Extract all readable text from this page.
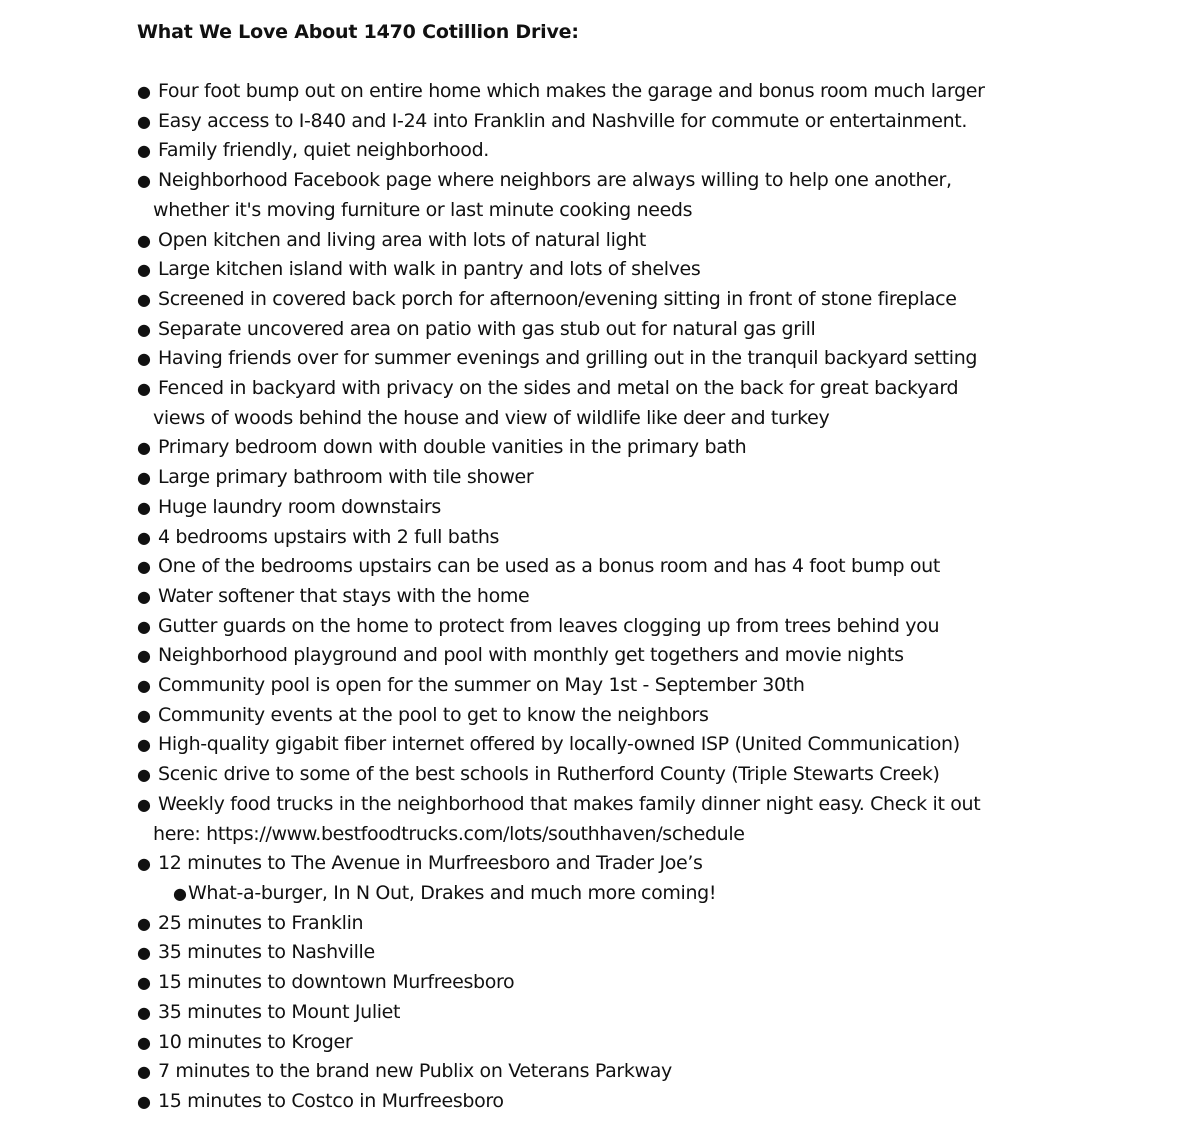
What We Love About 1470 Cotillion Drive:
● Four foot bump out on entire home which makes the garage and bonus room much larger
● Easy access to I-840 and I-24 into Franklin and Nashville for commute or entertainment.
● Family friendly, quiet neighborhood.
● Neighborhood Facebook page where neighbors are always willing to help one another,
whether it's moving furniture or last minute cooking needs
● Open kitchen and living area with lots of natural light
● Large kitchen island with walk in pantry and lots of shelves
● Screened in covered back porch for afternoon/evening sitting in front of stone fireplace
● Separate uncovered area on patio with gas stub out for natural gas grill
● Having friends over for summer evenings and grilling out in the tranquil backyard setting
● Fenced in backyard with privacy on the sides and metal on the back for great backyard
views of woods behind the house and view of wildlife like deer and turkey
● Primary bedroom down with double vanities in the primary bath
● Large primary bathroom with tile shower
● Huge laundry room downstairs
● 4 bedrooms upstairs with 2 full baths
● One of the bedrooms upstairs can be used as a bonus room and has 4 foot bump out
● Water softener that stays with the home
● Gutter guards on the home to protect from leaves clogging up from trees behind you
● Neighborhood playground and pool with monthly get togethers and movie nights
● Community pool is open for the summer on May 1st - September 30th
● Community events at the pool to get to know the neighbors
● High-quality gigabit fiber internet offered by locally-owned ISP (United Communication)
● Scenic drive to some of the best schools in Rutherford County (Triple Stewarts Creek)
● Weekly food trucks in the neighborhood that makes family dinner night easy. Check it out
here: https://www.bestfoodtrucks.com/lots/southhaven/schedule
● 12 minutes to The Avenue in Murfreesboro and Trader Joe’s
● What-a-burger, In N Out, Drakes and much more coming!
● 25 minutes to Franklin
● 35 minutes to Nashville
● 15 minutes to downtown Murfreesboro
● 35 minutes to Mount Juliet
● 10 minutes to Kroger
● 7 minutes to the brand new Publix on Veterans Parkway
● 15 minutes to Costco in Murfreesboro
